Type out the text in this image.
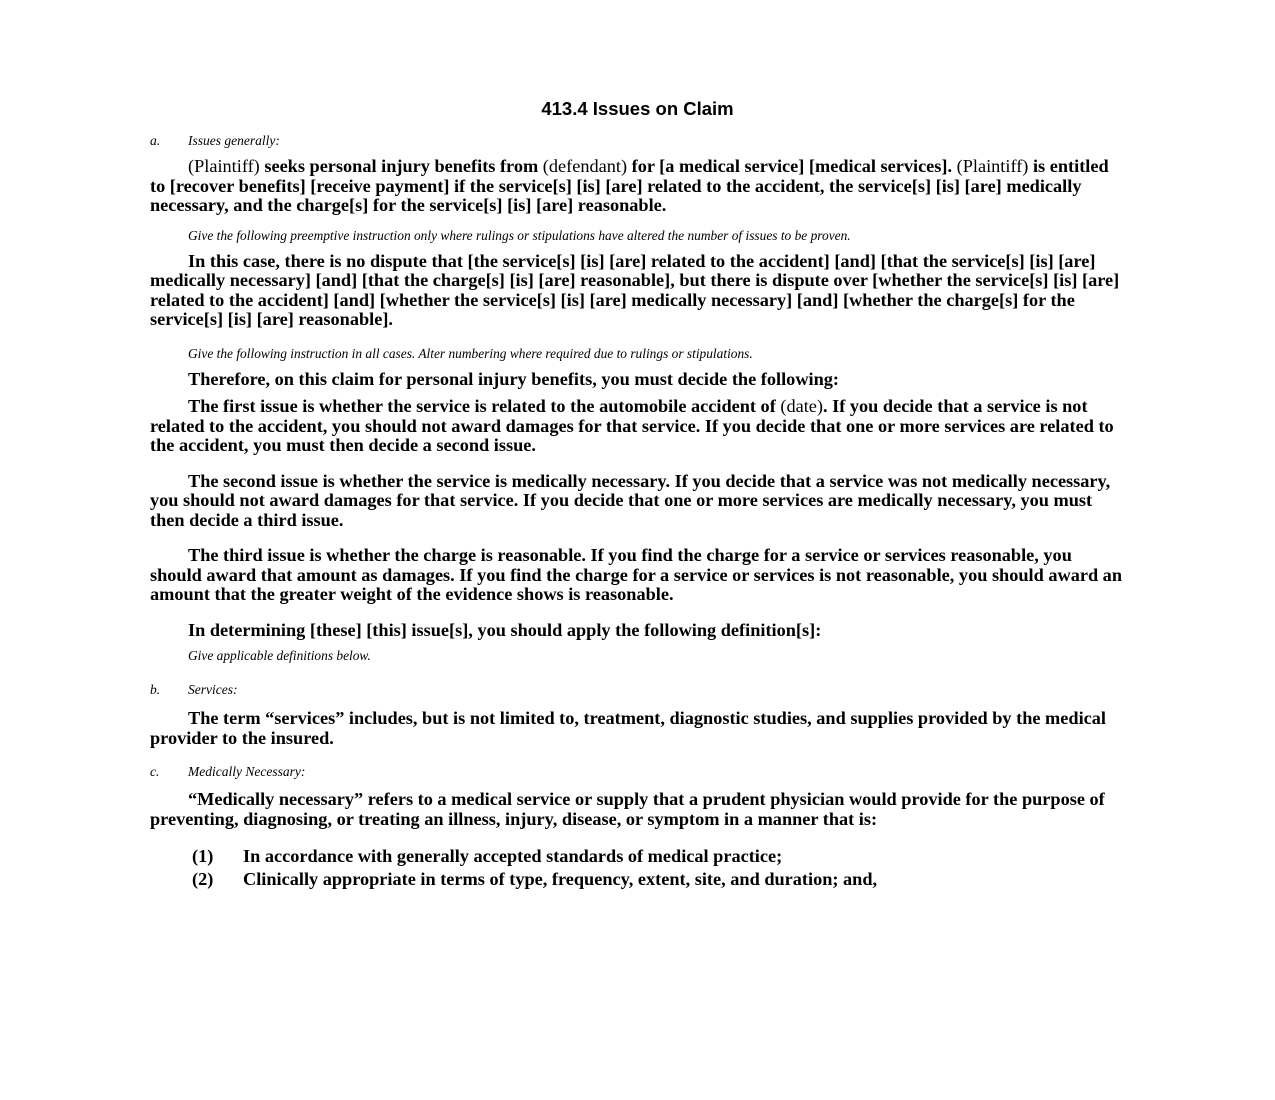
413.4 Issues on Claim
a. Issues generally:

(Plaintiff) seeks personal injury benefits from (defendant) for [a medical service] [medical services]. (Plaintiff) is entitled to [recover benefits] [receive payment] if the service[s] [is] [are] related to the accident, the service[s] [is] [are] medically necessary, and the charge[s] for the service[s] [is] [are] reasonable.

Give the following preemptive instruction only where rulings or stipulations have altered the number of issues to be proven.

In this case, there is no dispute that [the service[s] [is] [are] related to the accident] [and] [that the service[s] [is] [are] medically necessary] [and] [that the charge[s] [is] [are] reasonable], but there is dispute over [whether the service[s] [is] [are] related to the accident] [and] [whether the service[s] [is] [are] medically necessary] [and] [whether the charge[s] for the service[s] [is] [are] reasonable].

Give the following instruction in all cases. Alter numbering where required due to rulings or stipulations.

Therefore, on this claim for personal injury benefits, you must decide the following:

The first issue is whether the service is related to the automobile accident of (date). If you decide that a service is not related to the accident, you should not award damages for that service. If you decide that one or more services are related to the accident, you must then decide a second issue.

The second issue is whether the service is medically necessary. If you decide that a service was not medically necessary, you should not award damages for that service. If you decide that one or more services are medically necessary, you must then decide a third issue.

The third issue is whether the charge is reasonable. If you find the charge for a service or services reasonable, you should award that amount as damages. If you find the charge for a service or services is not reasonable, you should award an amount that the greater weight of the evidence shows is reasonable.

In determining [these] [this] issue[s], you should apply the following definition[s]:

Give applicable definitions below.
b. Services:

The term “services” includes, but is not limited to, treatment, diagnostic studies, and supplies provided by the medical provider to the insured.

c. Medically Necessary:

“Medically necessary” refers to a medical service or supply that a prudent physician would provide for the purpose of preventing, diagnosing, or treating an illness, injury, disease, or symptom in a manner that is:

(1)	In accordance with generally accepted standards of medical practice;
(2)	Clinically appropriate in terms of type, frequency, extent, site, and duration; and,
